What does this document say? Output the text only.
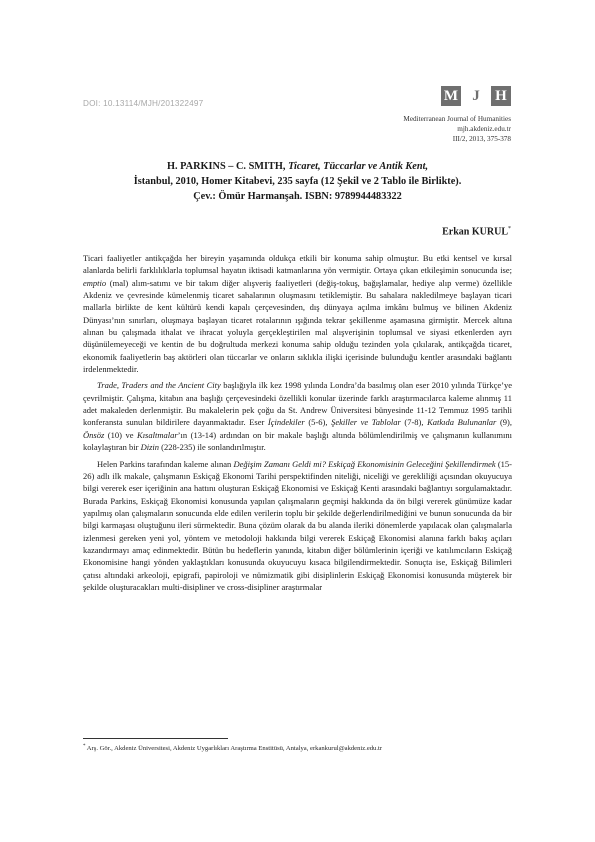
DOI: 10.13114/MJH/201322497	M J	H
Mediterranean Journal of Humanities
mjh.akdeniz.edu.tr
III/2, 2013, 375-378
H. PARKINS – C. SMITH, Ticaret, Tüccarlar ve Antik Kent,
İstanbul, 2010, Homer Kitabevi, 235 sayfa (12 Şekil ve 2 Tablo ile Birlikte).
Çev.: Ömür Harmanşah. ISBN: 9789944483322
Erkan KURUL*

Ticari faaliyetler antikçağda her bireyin yaşamında oldukça etkili bir konuma sahip olmuştur. Bu etki kentsel ve kırsal alanlarda belirli farklılıklarla toplumsal hayatın iktisadi katmanlarına yön vermiştir. Ortaya çıkan etkileşimin sonucunda ise; emptio (mal) alım-satımı ve bir takım diğer alışveriş faaliyetleri (değiş-tokuş, bağışlamalar, hediye alıp verme) özellikle Akdeniz ve çevresinde kümelenmiş ticaret sahalarının oluşmasını tetiklemiştir. Bu sahalara nakledilmeye başlayan ticari mallarla birlikte de kent kültürü kendi kapalı çerçevesinden, dış dünyaya açılma imkânı bulmuş ve bilinen Akdeniz Dünyası’nın sınırları, oluşmaya başlayan ticaret rotalarının ışığında tekrar şekillenme aşamasına girmiştir. Mercek altına alınan bu çalışmada ithalat ve ihracat yoluyla gerçekleştirilen mal alışverişinin toplumsal ve siyasi etkenlerden ayrı düşünülemeyeceği ve kentin de bu doğrultuda merkezi konuma sahip olduğu tezinden yola çıkılarak, antikçağda ticaret, ekonomik faaliyetlerin baş aktörleri olan tüccarlar ve onların sıklıkla ilişki içerisinde bulunduğu kentler arasındaki bağlantı irdelenmektedir.

Trade, Traders and the Ancient City başlığıyla ilk kez 1998 yılında Londra’da basılmış olan eser 2010 yılında Türkçe’ye çevrilmiştir. Çalışma, kitabın ana başlığı çerçevesindeki özellikli konular üzerinde farklı araştırmacılarca kaleme alınmış 11 adet makaleden derlenmiştir. Bu makalelerin pek çoğu da St. Andrew Üniversitesi bünyesinde 11-12 Temmuz 1995 tarihli konferansta sunulan bildirilere dayanmaktadır. Eser İçindekiler (5-6), Şekiller ve Tablolar (7-8), Katkıda Bulunanlar (9), Önsöz (10) ve Kısaltmalar’ın (13-14) ardından on bir makale başlığı altında bölümlendirilmiş ve çalışmanın kullanımını kolaylaştıran bir Dizin (228-235) ile sonlandırılmıştır.

Helen Parkins tarafından kaleme alınan Değişim Zamanı Geldi mi? Eskiçağ Ekonomisinin Geleceğini Şekillendirmek (15-26) adlı ilk makale, çalışmanın Eskiçağ Ekonomi Tarihi perspektifinden niteliği, niceliği ve gerekliliği açısından okuyucuya bilgi vererek eser içeriğinin ana hattını oluşturan Eskiçağ Ekonomisi ve Eskiçağ Kenti arasındaki bağlantıyı sorgulamaktadır. Burada Parkins, Eskiçağ Ekonomisi konusunda yapılan çalışmaların geçmişi hakkında da ön bilgi vererek günümüze kadar yapılmış olan çalışmaların sonucunda elde edilen verilerin toplu bir şekilde değerlendirilmediğini ve bunun sonucunda da bir bilgi karmaşası oluştuğunu ileri sürmektedir. Buna çözüm olarak da bu alanda ileriki dönemlerde yapılacak olan çalışmalarla izlenmesi gereken yeni yol, yöntem ve metodoloji hakkında bilgi vererek Eskiçağ Ekonomisi alanına farklı bakış açıları kazandırmayı amaç edinmektedir. Bütün bu hedeflerin yanında, kitabın diğer bölümlerinin içeriği ve katılımcıların Eskiçağ Ekonomisine hangi yönden yaklaştıkları konusunda okuyucuyu kısaca bilgilendirmektedir. Sonuçta ise, Eskiçağ Bilimleri çatısı altındaki arkeoloji, epigrafi, papiroloji ve nümizmatik gibi disiplinlerin Eskiçağ Ekonomisi konusunda müşterek bir şekilde oluşturacakları multi-disipliner ve cross-disipliner araştırmalar

* Arş. Gör., Akdeniz Üniversitesi, Akdeniz Uygarlıkları Araştırma Enstitüsü, Antalya, erkankurul@akdeniz.edu.tr
